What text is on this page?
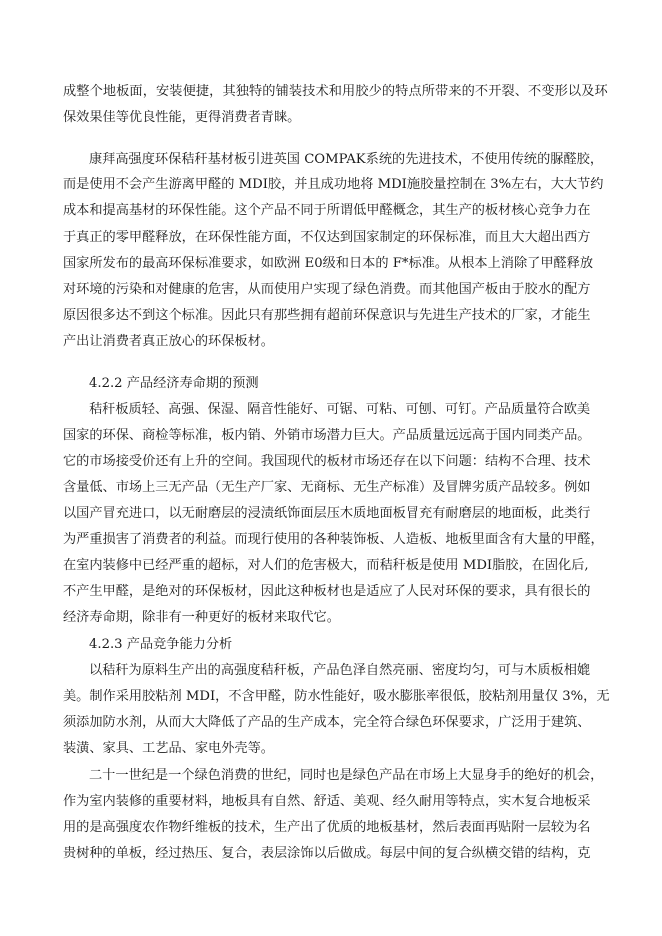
成整个地板面，安装便捷，其独特的铺装技术和用胶少的特点所带来的不开裂、不变形以及环
保效果佳等优良性能，更得消费者青睐。
康拜高强度环保秸秆基材板引进英国 COMPAK系统的先进技术，不使用传统的脲醛胶，
而是使用不会产生游离甲醛的 MDI胶，并且成功地将 MDI施胶量控制在 3%左右，大大节约
成本和提高基材的环保性能。这个产品不同于所谓低甲醛概念，其生产的板材核心竞争力在
于真正的零甲醛释放，在环保性能方面，不仅达到国家制定的环保标准，而且大大超出西方
国家所发布的最高环保标准要求，如欧洲 E0级和日本的 F*标准。从根本上消除了甲醛释放
对环境的污染和对健康的危害，从而使用户实现了绿色消费。而其他国产板由于胶水的配方
原因很多达不到这个标准。因此只有那些拥有超前环保意识与先进生产技术的厂家，才能生
产出让消费者真正放心的环保板材。
4.2.2 产品经济寿命期的预测
秸秆板质轻、高强、保湿、隔音性能好、可锯、可粘、可刨、可钉。产品质量符合欧美
国家的环保、商检等标准，板内销、外销市场潜力巨大。产品质量远远高于国内同类产品。
它的市场接受价还有上升的空间。我国现代的板材市场还存在以下问题：结构不合理、技术
含量低、市场上三无产品（无生产厂家、无商标、无生产标准）及冒牌劣质产品较多。例如
以国产冒充进口，以无耐磨层的浸渍纸饰面层压木质地面板冒充有耐磨层的地面板，此类行
为严重损害了消费者的利益。而现行使用的各种装饰板、人造板、地板里面含有大量的甲醛，
在室内装修中已经严重的超标，对人们的危害极大，而秸秆板是使用 MDI脂胶，在固化后,
不产生甲醛，是绝对的环保板材，因此这种板材也是适应了人民对环保的要求，具有很长的
经济寿命期，除非有一种更好的板材来取代它。
4.2.3 产品竞争能力分析
以秸秆为原料生产出的高强度秸秆板，产品色泽自然亮丽、密度均匀，可与木质板相媲
美。制作采用胶粘剂 MDI，不含甲醛，防水性能好，吸水膨胀率很低，胶粘剂用量仅 3%，无
须添加防水剂，从而大大降低了产品的生产成本，完全符合绿色环保要求，广泛用于建筑、
装潢、家具、工艺品、家电外壳等。
二十一世纪是一个绿色消费的世纪，同时也是绿色产品在市场上大显身手的绝好的机会，
作为室内装修的重要材料，地板具有自然、舒适、美观、经久耐用等特点，实木复合地板采
用的是高强度农作物纤维板的技术，生产出了优质的地板基材，然后表面再贴附一层较为名
贵树种的单板，经过热压、复合，表层涂饰以后做成。每层中间的复合纵横交错的结构，克
